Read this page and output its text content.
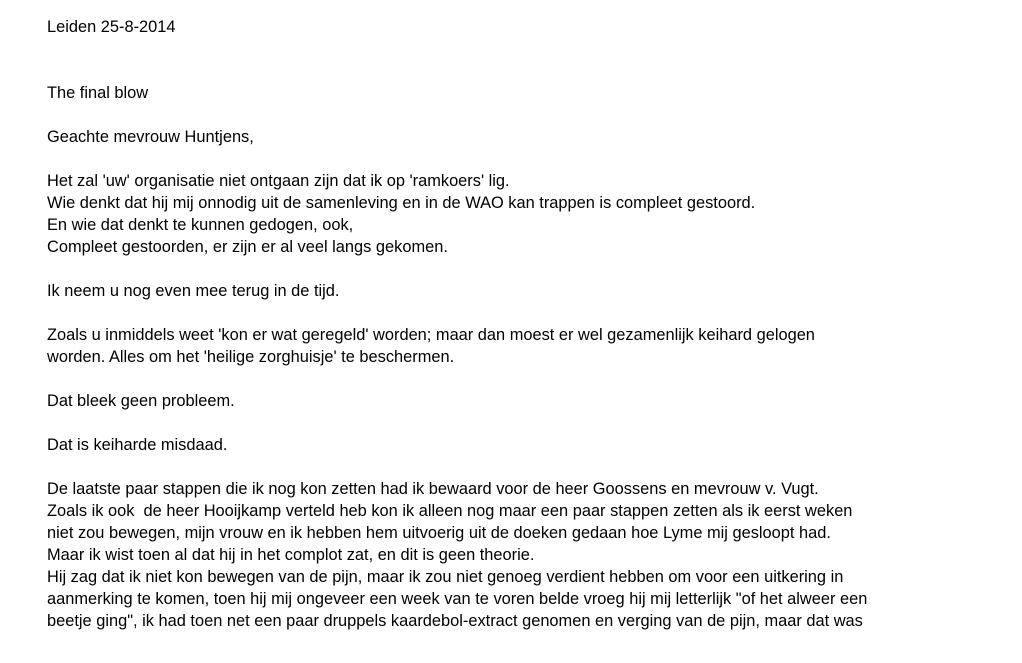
Leiden 25-8-2014

The final blow

Geachte mevrouw Huntjens,

Het zal 'uw' organisatie niet ontgaan zijn dat ik op 'ramkoers' lig.

Wie denkt dat hij mij onnodig uit de samenleving en in de WAO kan trappen is compleet gestoord.

En wie dat denkt te kunnen gedogen, ook,

Compleet gestoorden, er zijn er al veel langs gekomen.

Ik neem u nog even mee terug in de tijd.

Zoals u inmiddels weet 'kon er wat geregeld' worden; maar dan moest er wel gezamenlijk keihard gelogen

worden. Alles om het 'heilige zorghuisje' te beschermen.

Dat bleek geen probleem.

Dat is keiharde misdaad.

De laatste paar stappen die ik nog kon zetten had ik bewaard voor de heer Goossens en mevrouw v. Vugt.

Zoals ik ook  de heer Hooijkamp verteld heb kon ik alleen nog maar een paar stappen zetten als ik eerst weken

niet zou bewegen, mijn vrouw en ik hebben hem uitvoerig uit de doeken gedaan hoe Lyme mij gesloopt had.

Maar ik wist toen al dat hij in het complot zat, en dit is geen theorie.

Hij zag dat ik niet kon bewegen van de pijn, maar ik zou niet genoeg verdient hebben om voor een uitkering in

aanmerking te komen, toen hij mij ongeveer een week van te voren belde vroeg hij mij letterlijk "of het alweer een

beetje ging", ik had toen net een paar druppels kaardebol-extract genomen en verging van de pijn, maar dat was
